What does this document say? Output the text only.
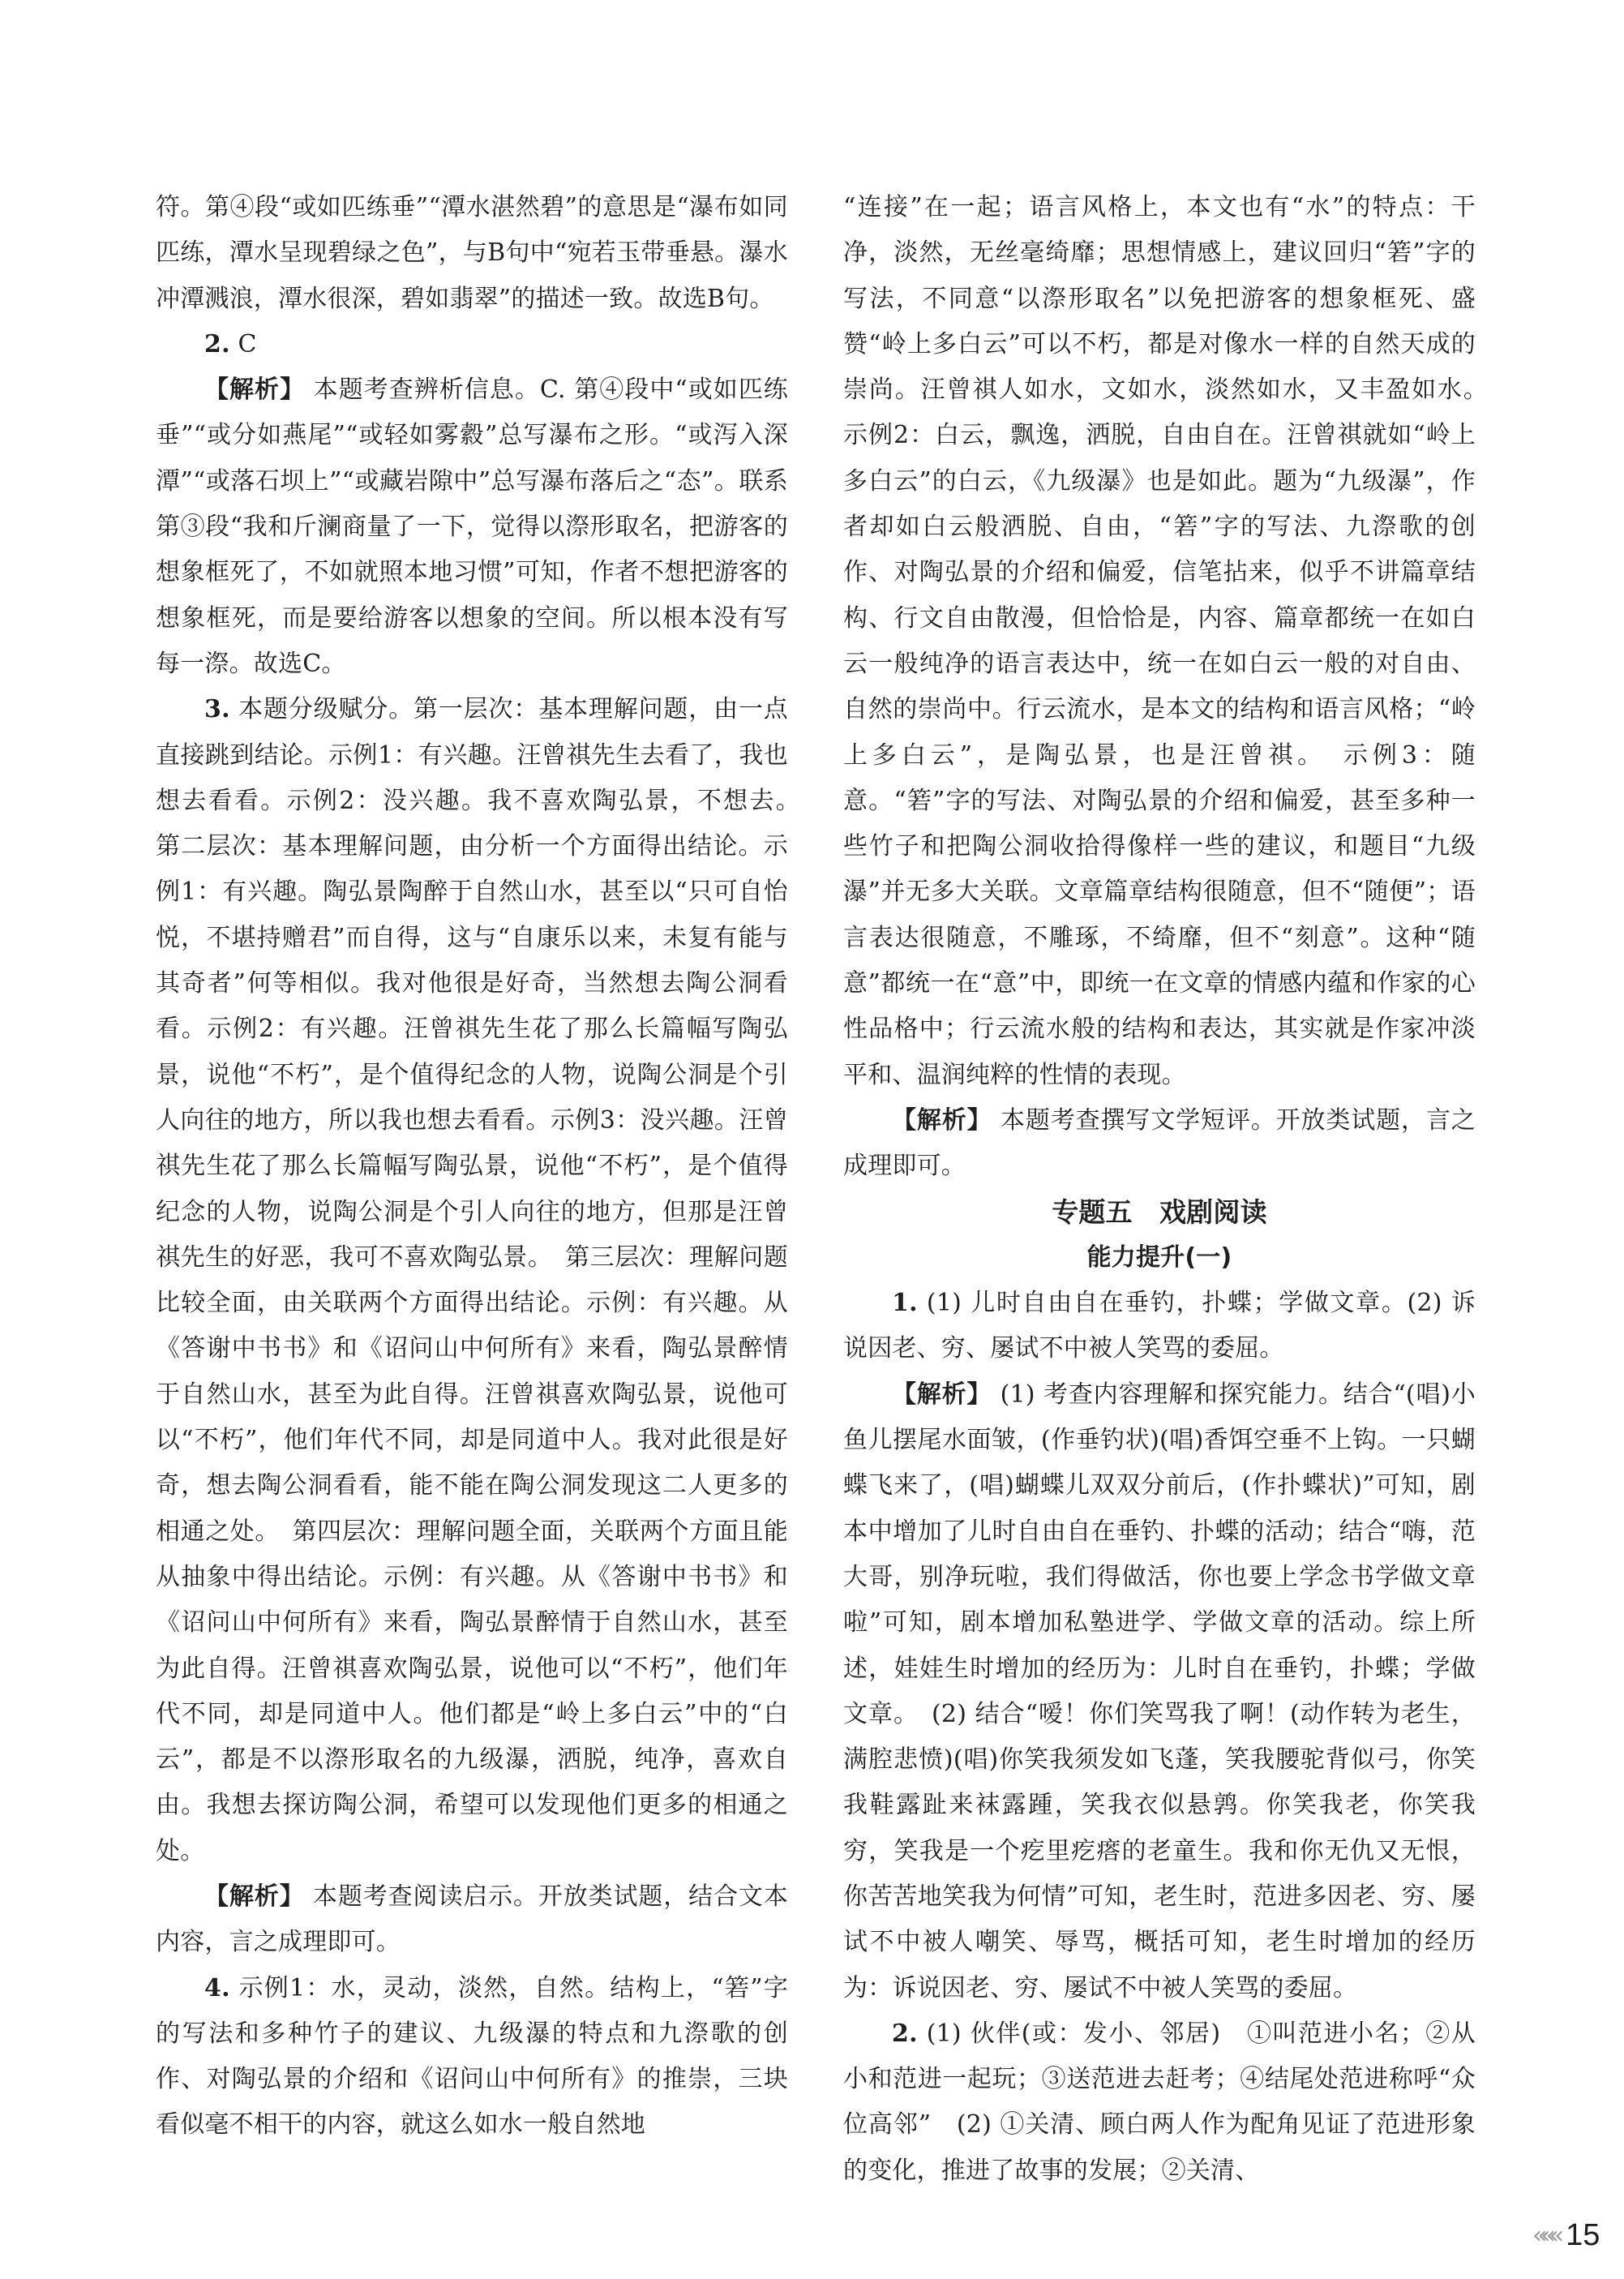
符。第④段“或如匹练垂”“潭水湛然碧”的意思是“瀑布如同匹练，潭水呈现碧绿之色”，与B句中“宛若玉带垂悬。瀑水冲潭溅浪，潭水很深，碧如翡翠”的描述一致。故选B句。

2. C

【解析】 本题考查辨析信息。C. 第④段中“或如匹练垂”“或分如燕尾”“或轻如雾縠”总写瀑布之形。“或泻入深潭”“或落石坝上”“或藏岩隙中”总写瀑布落后之“态”。联系第③段“我和斤澜商量了一下，觉得以漈形取名，把游客的想象框死了，不如就照本地习惯”可知，作者不想把游客的想象框死，而是要给游客以想象的空间。所以根本没有写每一漈。故选C。

3. 本题分级赋分。第一层次：基本理解问题，由一点直接跳到结论。示例1：有兴趣。汪曾祺先生去看了，我也想去看看。示例2：没兴趣。我不喜欢陶弘景，不想去。　第二层次：基本理解问题，由分析一个方面得出结论。示例1：有兴趣。陶弘景陶醉于自然山水，甚至以“只可自怡悦，不堪持赠君”而自得，这与“自康乐以来，未复有能与其奇者”何等相似。我对他很是好奇，当然想去陶公洞看看。示例2：有兴趣。汪曾祺先生花了那么长篇幅写陶弘景，说他“不朽”，是个值得纪念的人物，说陶公洞是个引人向往的地方，所以我也想去看看。示例3：没兴趣。汪曾祺先生花了那么长篇幅写陶弘景，说他“不朽”，是个值得纪念的人物，说陶公洞是个引人向往的地方，但那是汪曾祺先生的好恶，我可不喜欢陶弘景。　第三层次：理解问题比较全面，由关联两个方面得出结论。示例：有兴趣。从《答谢中书书》和《诏问山中何所有》来看，陶弘景醉情于自然山水，甚至为此自得。汪曾祺喜欢陶弘景，说他可以“不朽”，他们年代不同，却是同道中人。我对此很是好奇，想去陶公洞看看，能不能在陶公洞发现这二人更多的相通之处。　第四层次：理解问题全面，关联两个方面且能从抽象中得出结论。示例：有兴趣。从《答谢中书书》和《诏问山中何所有》来看，陶弘景醉情于自然山水，甚至为此自得。汪曾祺喜欢陶弘景，说他可以“不朽”，他们年代不同，却是同道中人。他们都是“岭上多白云”中的“白云”，都是不以漈形取名的九级瀑，洒脱，纯净，喜欢自由。我想去探访陶公洞，希望可以发现他们更多的相通之处。

【解析】 本题考查阅读启示。开放类试题，结合文本内容，言之成理即可。

4. 示例1：水，灵动，淡然，自然。结构上，“箬”字的写法和多种竹子的建议、九级瀑的特点和九漈歌的创作、对陶弘景的介绍和《诏问山中何所有》的推崇，三块看似毫不相干的内容，就这么如水一般自然地

“连接”在一起；语言风格上，本文也有“水”的特点：干净，淡然，无丝毫绮靡；思想情感上，建议回归“箬”字的写法，不同意“以漈形取名”以免把游客的想象框死、盛赞“岭上多白云”可以不朽，都是对像水一样的自然天成的崇尚。汪曾祺人如水，文如水，淡然如水，又丰盈如水。　示例2：白云，飘逸，洒脱，自由自在。汪曾祺就如“岭上多白云”的白云，《九级瀑》也是如此。题为“九级瀑”，作者却如白云般洒脱、自由，“箬”字的写法、九漈歌的创作、对陶弘景的介绍和偏爱，信笔拈来，似乎不讲篇章结构、行文自由散漫，但恰恰是，内容、篇章都统一在如白云一般纯净的语言表达中，统一在如白云一般的对自由、自然的崇尚中。行云流水，是本文的结构和语言风格；“岭上多白云”，是陶弘景，也是汪曾祺。　示例3：随意。“箬”字的写法、对陶弘景的介绍和偏爱，甚至多种一些竹子和把陶公洞收拾得像样一些的建议，和题目“九级瀑”并无多大关联。文章篇章结构很随意，但不“随便”；语言表达很随意，不雕琢，不绮靡，但不“刻意”。这种“随意”都统一在“意”中，即统一在文章的情感内蕴和作家的心性品格中；行云流水般的结构和表达，其实就是作家冲淡平和、温润纯粹的性情的表现。

【解析】 本题考查撰写文学短评。开放类试题，言之成理即可。

专题五　戏剧阅读

能力提升(一)

1. (1) 儿时自由自在垂钓，扑蝶；学做文章。(2) 诉说因老、穷、屡试不中被人笑骂的委屈。

【解析】 (1) 考查内容理解和探究能力。结合“(唱)小鱼儿摆尾水面皱，(作垂钓状)(唱)香饵空垂不上钩。一只蝴蝶飞来了，(唱)蝴蝶儿双双分前后，(作扑蝶状)”可知，剧本中增加了儿时自由自在垂钓、扑蝶的活动；结合“嗨，范大哥，别净玩啦，我们得做活，你也要上学念书学做文章啦”可知，剧本增加私塾进学、学做文章的活动。综上所述，娃娃生时增加的经历为：儿时自在垂钓，扑蝶；学做文章。　(2) 结合“嗳！你们笑骂我了啊！(动作转为老生，满腔悲愤)(唱)你笑我须发如飞蓬，笑我腰驼背似弓，你笑我鞋露趾来袜露踵，笑我衣似悬鹑。你笑我老，你笑我穷，笑我是一个疙里疙瘩的老童生。我和你无仇又无恨，你苦苦地笑我为何情”可知，老生时，范进多因老、穷、屡试不中被人嘲笑、辱骂，概括可知，老生时增加的经历为：诉说因老、穷、屡试不中被人笑骂的委屈。

2. (1) 伙伴(或：发小、邻居)　①叫范进小名；②从小和范进一起玩；③送范进去赶考；④结尾处范进称呼“众位高邻”　(2) ①关清、顾白两人作为配角见证了范进形象的变化，推进了故事的发展；②关清、

««« 15
